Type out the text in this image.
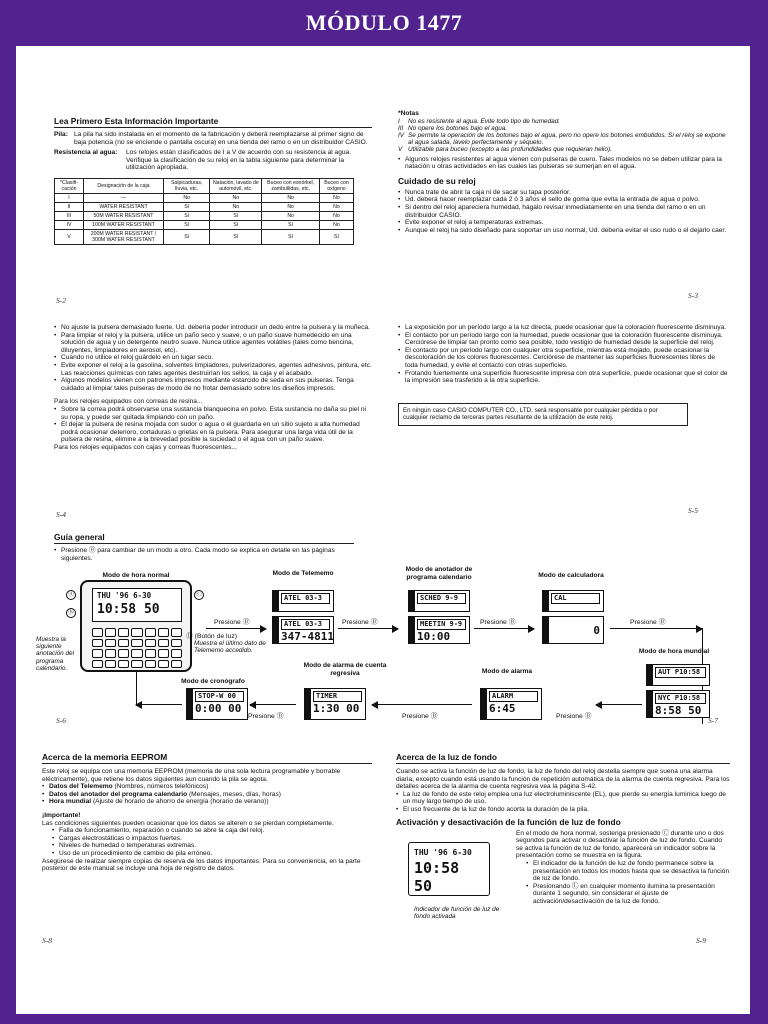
MÓDULO 1477
Lea Primero Esta Información Importante
Pila: La pila ha sido instalada en el momento de la fabricación y deberá reemplazarse al primer signo de baja potencia (no se enciende o pantalla oscura) en una tienda del ramo o en un distribuidor CASIO.
Resistencia al agua:	Los relojes están clasificados de I a V de acuerdo con su resistencia al agua. Verifique la clasificación de su reloj en la tabla siguiente para determinar la utilización apropiada.
*Clasifi-cación	Designación de la caja	Salpicaduras, lluvia, etc.	Natación, lavado de automóvil, etc.	Buceo con esnórkel, zambullidas, etc.	Buceo con oxígeno
I	—	No	No	No	No
II	WATER RESISTANT	Sí	No	No	No
III	50M WATER RESISTANT	Sí	Sí	No	No
IV	100M WATER RESISTANT	Sí	Sí	Sí	No
V	200M WATER RESISTANT / 300M WATER RESISTANT	Sí	Sí	Sí	Sí
S-2
*Notas
I	No es resistente al agua. Evite todo tipo de humedad.
III No opere los botones bajo el agua.
IV Se permite la operación de los botones bajo el agua, pero no opere los botones embutidos. Si el reloj se expone al agua salada, lávelo perfectamente y séquelo.
V Utilizable para buceo (excepto a las profundidades que requieran helio).
• Algunos relojes resistentes al agua vienen con pulseras de cuero. Tales modelos no se deben utilizar para la natación u otras actividades en las cuales las pulseras se sumerjan en el agua.
Cuidado de su reloj
• Nunca trate de abrir la caja ni de sacar su tapa posterior.
• Ud. deberá hacer reemplazar cada 2 ó 3 años el sello de goma que evita la entrada de agua o polvo.
• Si dentro del reloj apareciera humedad, hágalo revisar inmediatamente en una tienda del ramo o en un distribuidor CASIO.
• Evite exponer el reloj a temperaturas extremas.
• Aunque el reloj ha sido diseñado para soportar un uso normal, Ud. debería evitar el uso rudo o el dejarlo caer.
S-3
• No ajuste la pulsera demasiado fuerte. Ud. debería poder introducir un dedo entre la pulsera y la muñeca.
• Para limpiar el reloj y la pulsera, utilice un paño seco y suave, o un paño suave humedecido en una solución de agua y un detergente neutro suave. Nunca utilice agentes volátiles (tales como bencina, diluyentes, limpiadores en aerosol, etc).
• Cuando no utilice el reloj guárdelo en un lugar seco.
• Evite exponer el reloj a la gasolina, solventes limpiadores, pulverizadores, agentes adhesivos, pintura, etc. Las reacciones químicas con tales agentes destruirían los sellos, la caja y el acabado.
• Algunos modelos vienen con patrones impresos mediante estarcido de seda en sus pulseras. Tenga cuidado al limpiar tales pulseras de modo de no frotar demasiado sobre los diseños impresos.
Para los relojes equipados con correas de resina...
• Sobre la correa podrá observarse una sustancia blanquecina en polvo. Esta sustancia no daña su piel ni su ropa, y puede ser quitada limpiando con un paño.
• El dejar la pulsera de resina mojada con sudor o agua o el guardarla en un sitio sujeto a alta humedad podrá ocasionar deterioro, cortaduras o grietas en la pulsera. Para asegurar una larga vida útil de la pulsera de resina, elimine a la brevedad posible la suciedad o el agua con un paño suave.
Para los relojes equipados con cajas y correas fluorescentes...
S-4
• La exposición por un período largo a la luz directa, puede ocasionar que la coloración fluorescente disminuya.
• El contacto por un período largo con la humedad, puede ocasionar que la coloración fluorescente disminuya. Cerciórese de limpiar tan pronto como sea posible, todo vestigio de humedad desde la superficie del reloj.
• El contacto por un período largo con cualquier otra superficie, mientras está mojado, puede ocasionar la descoloración de los colores fluorescentes. Cerciórese de mantener las superficies fluorescentes libres de toda humedad, y evite el contacto con otras superficies.
• Frotando fuertemente una superficie fluorescente impresa con otra superficie, puede ocasionar que el color de la impresión sea trasferido a la otra superficie.
En ningún caso CASIO COMPUTER CO., LTD. será responsable por cualquier pérdida o por cualquier reclamo de terceras partes resultante de la utilización de este reloj.
S-5
Guía general
• Presione Ⓑ para cambiar de un modo a otro. Cada modo se explica en detalle en las páginas siguientes.
Modo de hora normal
THU '96 6-30
10:58 50
Ⓐ
Ⓑ
Ⓒ
Muestra la siguiente anotación del programa calendario.
Ⓛ (Botón de luz)
Muestra el último dato de Telememo accedido.
Presione Ⓑ
Modo de Telememo
ATEL 03-3
ATEL 03-3
347-4811
Presione Ⓑ
Modo de anotador de programa calendario
SCHED 9-9
MEETIN 9-9
10:00
Presione Ⓑ
Modo de calculadora
CAL
0
Presione Ⓑ
Modo de hora mundial
AUT P10:58
NYC P10:58
8:58 50
Presione Ⓑ
Modo de alarma
ALARM
6:45
Presione Ⓑ
Modo de alarma de cuenta regresiva
TIMER
1:30 00
Presione Ⓑ
Modo de cronógrafo
STOP-W 00
0:00 00
S-6	S-7
Acerca de la memoria EEPROM
Este reloj se equipa con una memoria EEPROM (memoria de una sola lectura programable y borrable eléctricamente), que retiene los datos siguientes aun cuando la pila se agota.
• Datos del Telememo (Nombres, números telefónicos)
• Datos del anotador del programa calendario (Mensajes, meses, días, horas)
• Hora mundial (Ajuste de horario de ahorro de energía (horario de verano))
¡Importante!
Las condiciones siguientes pueden ocasionar que los datos se alteren o se pierdan completamente.
• Falla de funcionamiento, reparación o cuando se abre la caja del reloj.
• Cargas electrostáticas o impactos fuertes.
• Niveles de humedad o temperaturas extremas.
• Uso de un procedimiento de cambio de pila erróneo.
Asegúrese de realizar siempre copias de reserva de los datos importantes. Para su conveniencia, en la parte posterior de este manual se incluye una hoja de registro de datos.
S-8
Acerca de la luz de fondo
Cuando se activa la función de luz de fondo, la luz de fondo del reloj destella siempre que suena una alarma diaria, excepto cuando está usando la función de repetición automática de la alarma de cuenta regresiva. Para los detalles acerca de la alarma de cuenta regresiva vea la página S-42.
• La luz de fondo de este reloj emplea una luz electroluminiscente (EL), que pierde su energía luminica luego de un muy largo tiempo de uso.
• El uso frecuente de la luz de fondo acorta la duración de la pila.
Activación y desactivación de la función de luz de fondo
En el modo de hora normal, sostenga presionado Ⓒ durante uno o dos segundos para activar o desactivar la función de luz de fondo. Cuando se activa la función de luz de fondo, aparecerá un indicador sobre la presentación como se muestra en la figura.
• El indicador de la función de luz de fondo permanece sobre la presentación en todos los modos hasta que se desactiva la función de luz de fondo.
• Presionando Ⓛ en cualquier momento ilumina la presentación durante 1 segundo, sin considerar el ajuste de activación/desactivación de la luz de fondo.
THU '96 6-30
10:58 50
Indicador de función de luz de fondo activada
S-9
